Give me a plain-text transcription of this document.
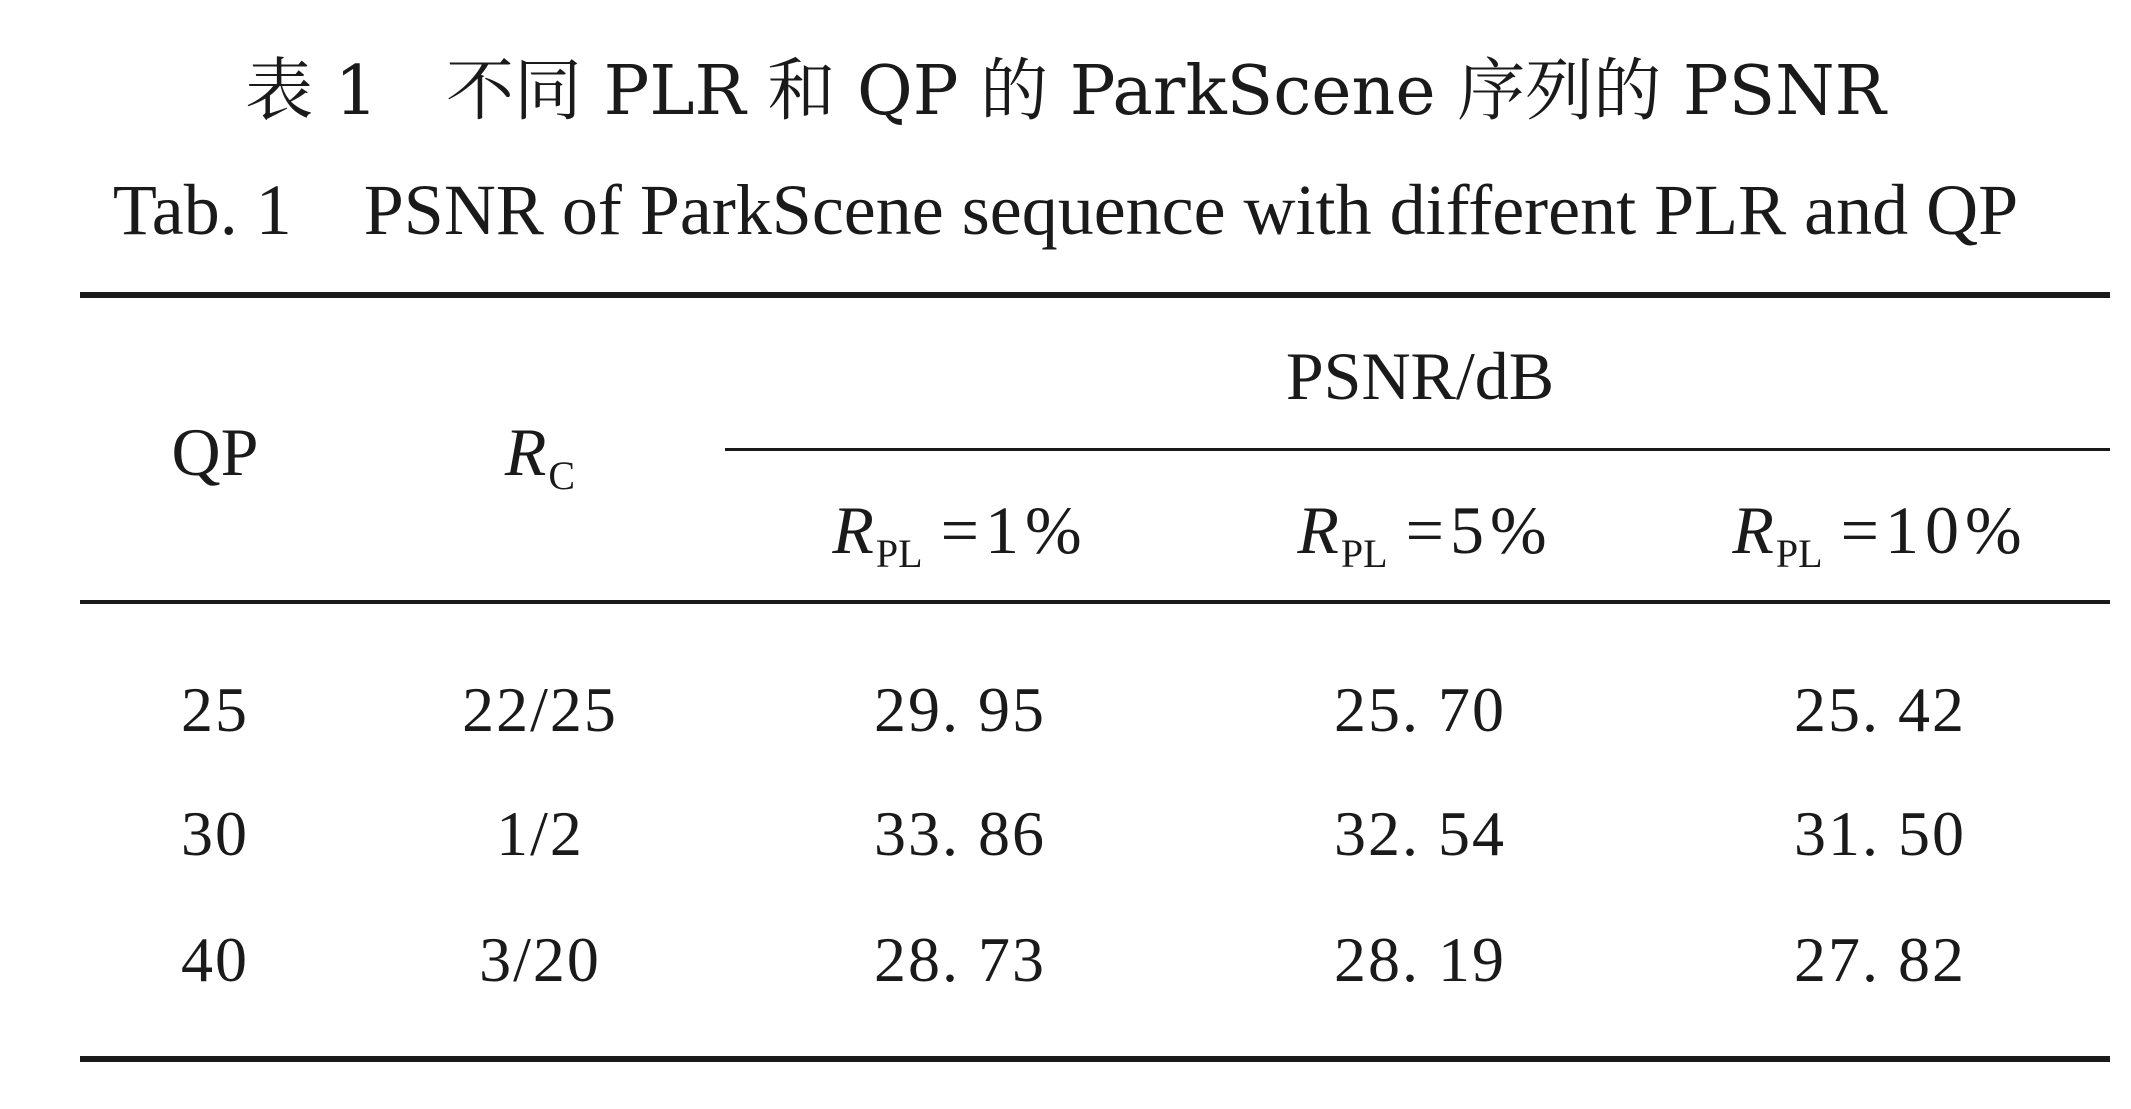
表 1　不同 PLR 和 QP 的 ParkScene 序列的 PSNR
Tab. 1　PSNR of ParkScene sequence with different PLR and QP
QP	$R_C$
PSNR/dB
$R_{PL} =1\%$	$R_{PL} =5\%$	$R_{PL} =10\%$
25	22/25	29. 95	25. 70	25. 42
30	1/2	33. 86	32. 54	31. 50
40	3/20	28. 73	28. 19	27. 82
